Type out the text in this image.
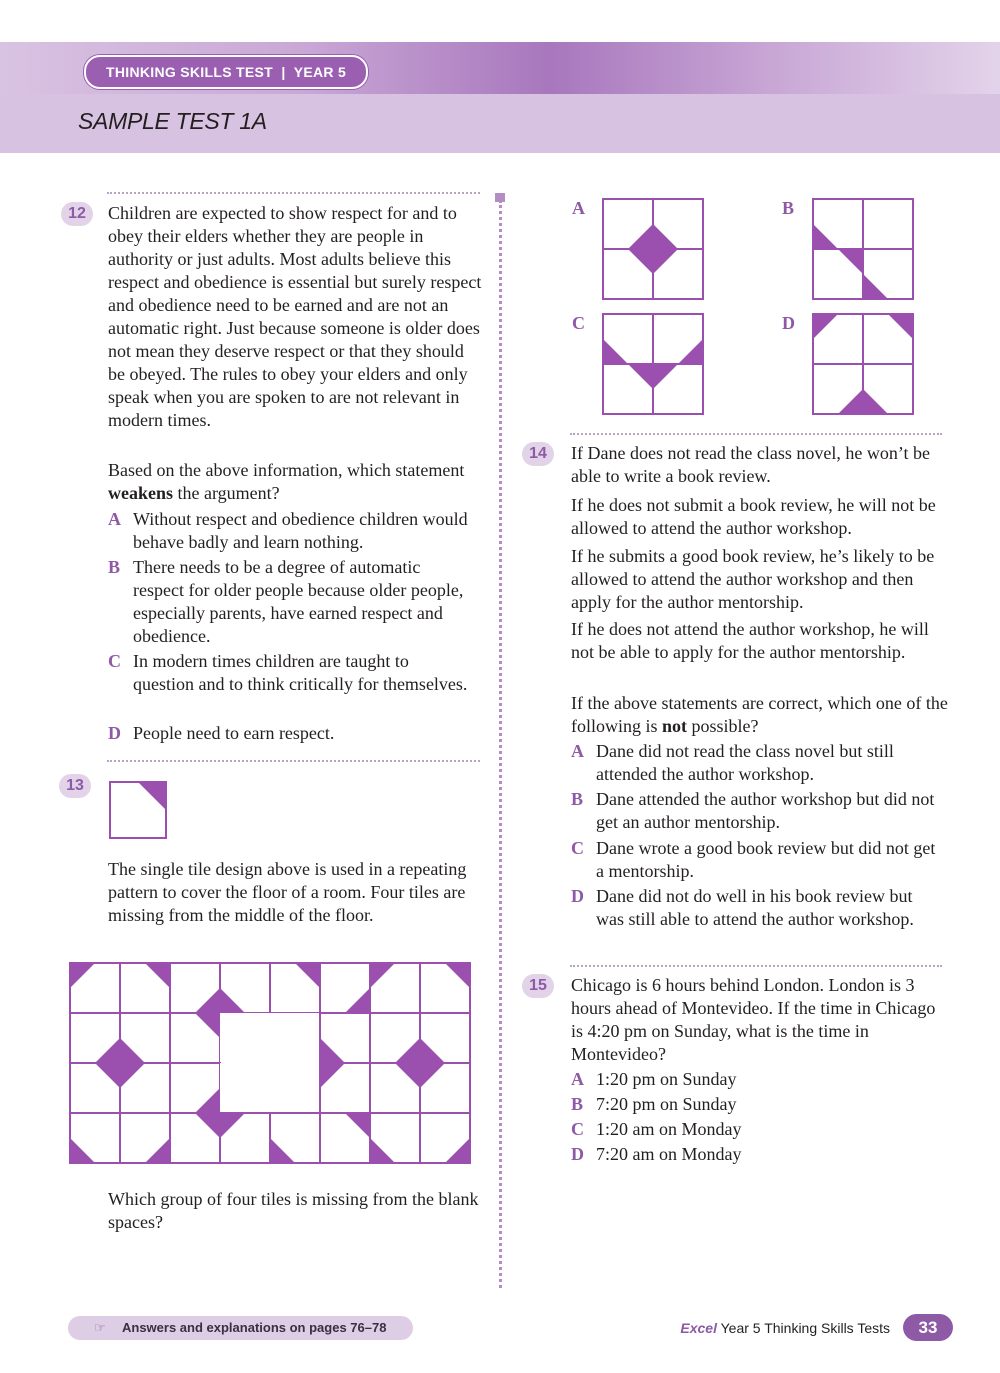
THINKING SKILLS TEST  |  YEAR 5
SAMPLE TEST 1A
12	Children are expected to show respect for and to obey their elders whether they are people in authority or just adults. Most adults believe this respect and obedience is essential but surely respect and obedience need to be earned and are not an automatic right. Just because someone is older does not mean they deserve respect or that they should be obeyed. The rules to obey your elders and only speak when you are spoken to are not relevant in modern times.

Based on the above information, which statement weakens the argument?

A Without respect and obedience children would behave badly and learn nothing.
B There needs to be a degree of automatic respect for older people because older people, especially parents, have earned respect and obedience.
C In modern times children are taught to question and to think critically for themselves.
D People need to earn respect.
13

The single tile design above is used in a repeating pattern to cover the floor of a room. Four tiles are missing from the middle of the floor.

Which group of four tiles is missing from the blank spaces?

A	B
C	D
14	If Dane does not read the class novel, he won’t be able to write a book review.

If he does not submit a book review, he will not be allowed to attend the author workshop.

If he submits a good book review, he’s likely to be allowed to attend the author workshop and then apply for the author mentorship.

If he does not attend the author workshop, he will not be able to apply for the author mentorship.

If the above statements are correct, which one of the following is not possible?

A Dane did not read the class novel but still attended the author workshop.
B Dane attended the author workshop but did not get an author mentorship.
C Dane wrote a good book review but did not get a mentorship.
D Dane did not do well in his book review but was still able to attend the author workshop.
15	Chicago is 6 hours behind London. London is 3 hours ahead of Montevideo. If the time in Chicago is 4:20 pm on Sunday, what is the time in Montevideo?

A 1:20 pm on Sunday
B 7:20 pm on Sunday
C 1:20 am on Monday
D 7:20 am on Monday
☞ Answers and explanations on pages 76–78	Excel Year 5 Thinking Skills Tests	33
